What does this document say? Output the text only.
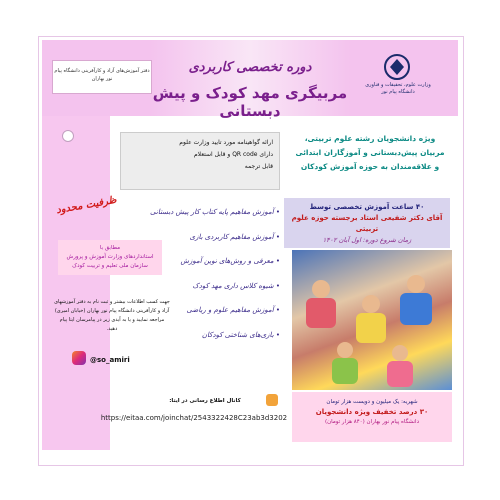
دفتر آموزش‌های آزاد و کارآفرینی دانشگاه پیام نور بهاران
دوره تخصصی کاربردی
مربیگری مهد کودک و پیش دبستانی
وزارت علوم، تحقیقات و فناوری دانشگاه پیام نور
ارائه گواهینامه مورد تایید وزارت علوم
دارای QR code و قابل استعلام
قابل ترجمه
ویژه دانشجویان رشته علوم تربیتی،
مربیان پیش‌دبستانی و آموزگاران ابتدائی
و علاقه‌مندان به حوزه آموزش کودکان
ظرفیت محدود
مطابق با
استانداردهای وزارت آموزش و پرورش
سازمان ملی تعلیم و تربیت کودک
جهت کسب اطلاعات بیشتر و ثبت نام به دفتر آموزشهای آزاد و کارآفرینی دانشگاه پیام نور بهاران (خیابان امیری) مراجعه نمایید و یا به آیدی زیر در پیامرسان ایتا پیام دهید.
@so_amiri
• آموزش مفاهیم پایه کتاب کار پیش دبستانی
• آموزش مفاهیم کاربردی بازی
• معرفی و روش‌های نوین آموزش
• شیوه کلاس داری مهد کودک
• آموزش مفاهیم علوم و ریاضی
• بازی‌های شناختی کودکان
۴۰ ساعت آموزش تخصصی توسط
آقای دکتر شفیعی استاد برجسته حوزه علوم تربیتی
زمان شروع دوره: اول آبان ۱۴۰۲
شهریه: یک میلیون و دویست هزار تومان
۳۰ درصد تخفیف ویژه دانشجویان
دانشگاه پیام نور بهاران (۸۴۰ هزار تومان)
کانال اطلاع رسانی در ایتا:
https://eitaa.com/joinchat/2543322428C23ab3d3202
